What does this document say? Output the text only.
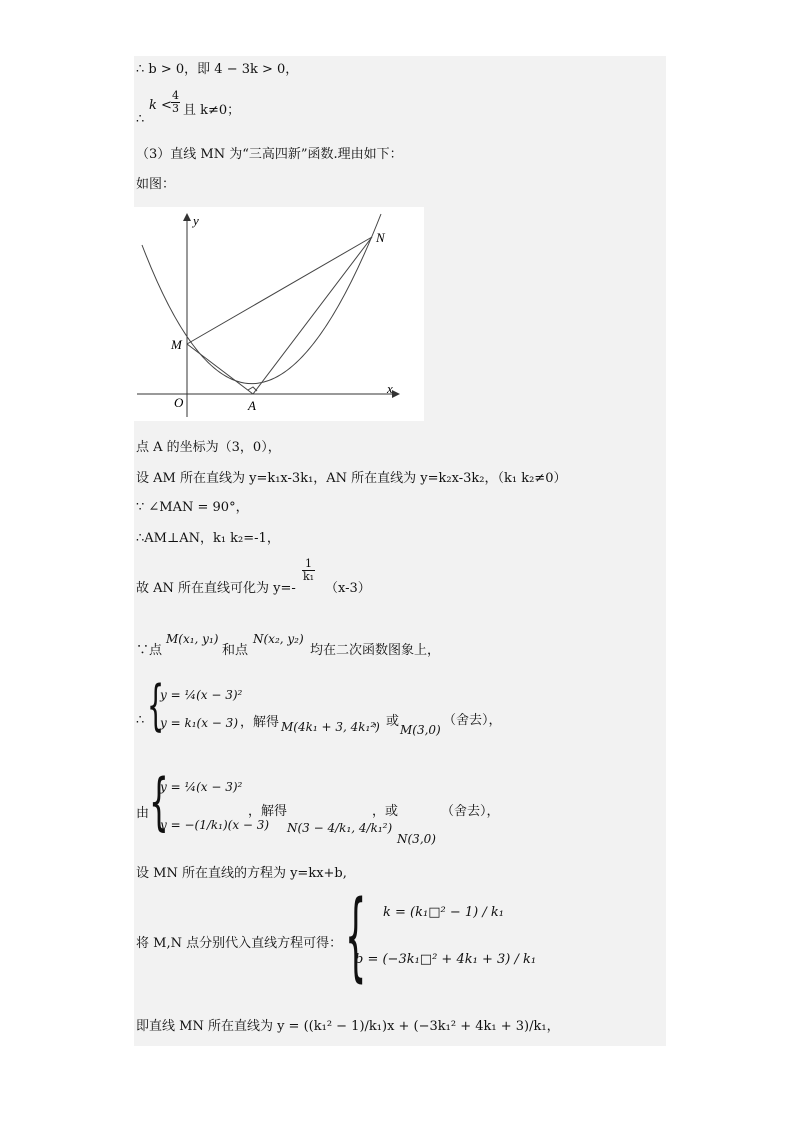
∴ b > 0，即 4 − 3k > 0，
∴
$k < \frac{4}{3}$ 且 k≠0；
（3）直线 MN 为“三高四新”函数.理由如下：
如图：
y
x
O
M
A
N
点 A 的坐标为（3，0），
设 AM 所在直线为 y=k₁x-3k₁，AN 所在直线为 y=k₂x-3k₂，（k₁ k₂≠0）
∵ ∠MAN = 90°，
∴AM⊥AN，k₁ k₂=-1，
故 AN 所在直线可化为 y=-
$\frac{1}{\text{k₁}}$
（x-3）
∵点
M(x₁, y₁)
和点
N(x₂, y₂)
均在二次函数图象上，
∴ {
y = ¼(x − 3)²
y = k₁(x − 3) ，解得 M(4k₁ + 3, 4k₁²)
，或
M(3,0)
（舍去），
由 {
y = ¼(x − 3)²
y = −(1/k₁)(x − 3)
，解得
N(3 − 4/k₁, 4/k₁²)
，或
N(3,0)
（舍去），
设 MN 所在直线的方程为 y=kx+b,
将 M,N 点分别代入直线方程可得： { k = (k₁□² − 1) / k₁
b = (−3k₁□² + 4k₁ + 3) / k₁
即直线 MN 所在直线为 y = ((k₁² − 1)/k₁)x + (−3k₁² + 4k₁ + 3)/k₁，
